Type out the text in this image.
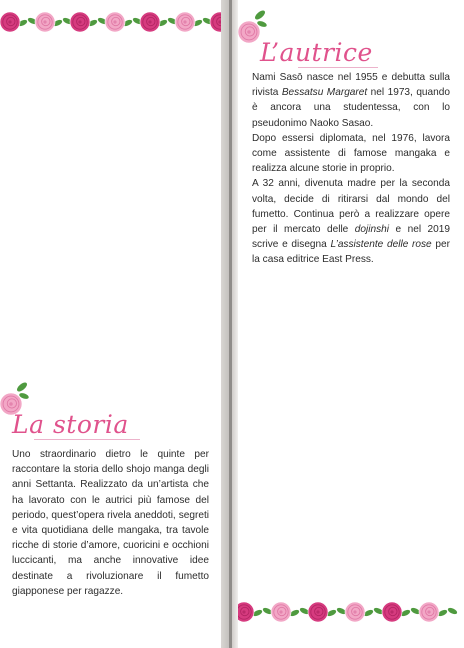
La storia

Uno straordinario dietro le quinte per raccontare la storia dello shojo manga degli anni Settanta. Realizzato da un’artista che ha lavorato con le autrici più famose del periodo, quest’opera rivela aneddoti, segreti e vita quotidiana delle mangaka, tra tavole ricche di storie d’amore, cuoricini e occhioni luccicanti, ma anche innovative idee destinate a rivoluzionare il fumetto giapponese per ragazze.

L’autrice

Nami Sasō nasce nel 1955 e debutta sulla rivista Bessatsu Margaret nel 1973, quando è ancora una studentessa, con lo pseudonimo Naoko Sasao.

Dopo essersi diplomata, nel 1976, lavora come assistente di famose mangaka e realizza alcune storie in proprio.

A 32 anni, divenuta madre per la seconda volta, decide di ritirarsi dal mondo del fumetto. Continua però a realizzare opere per il mercato delle dojinshi e nel 2019 scrive e disegna L’assistente delle rose per la casa editrice East Press.
